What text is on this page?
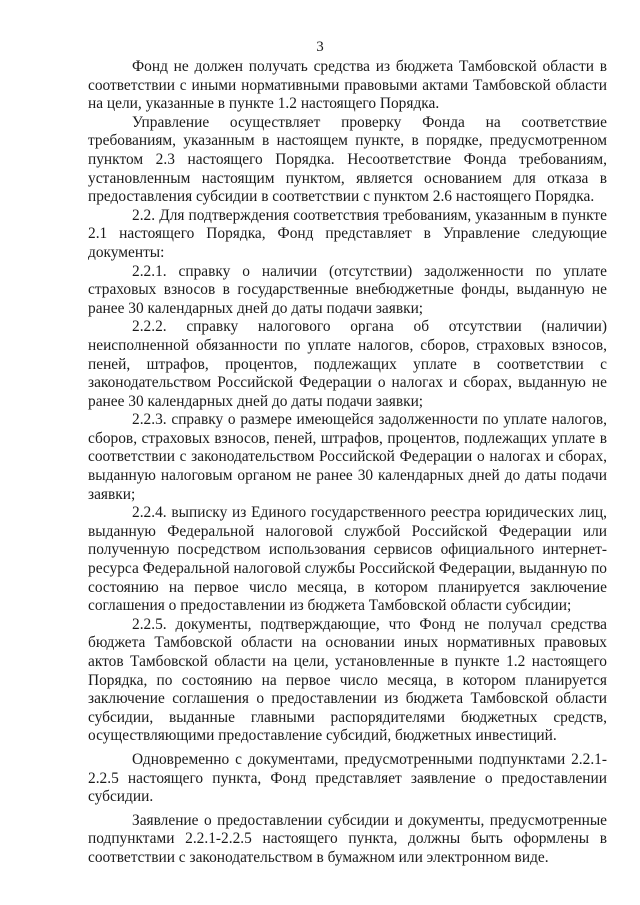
3

Фонд не должен получать средства из бюджета Тамбовской области в соответствии с иными нормативными правовыми актами Тамбовской области на цели, указанные в пункте 1.2 настоящего Порядка.

Управление осуществляет проверку Фонда на соответствие требованиям, указанным в настоящем пункте, в порядке, предусмотренном пунктом 2.3 настоящего Порядка. Несоответствие Фонда требованиям, установленным настоящим пунктом, является основанием для отказа в предоставления субсидии в соответствии с пунктом 2.6 настоящего Порядка.

2.2. Для подтверждения соответствия требованиям, указанным в пункте 2.1 настоящего Порядка, Фонд представляет в Управление следующие документы:

2.2.1. справку о наличии (отсутствии) задолженности по уплате страховых взносов в государственные внебюджетные фонды, выданную не ранее 30 календарных дней до даты подачи заявки;

2.2.2. справку налогового органа об отсутствии (наличии) неисполненной обязанности по уплате налогов, сборов, страховых взносов, пеней, штрафов, процентов, подлежащих уплате в соответствии с законодательством Российской Федерации о налогах и сборах, выданную не ранее 30 календарных дней до даты подачи заявки;

2.2.3. справку о размере имеющейся задолженности по уплате налогов, сборов, страховых взносов, пеней, штрафов, процентов, подлежащих уплате в соответствии с законодательством Российской Федерации о налогах и сборах, выданную налоговым органом не ранее 30 календарных дней до даты подачи заявки;

2.2.4. выписку из Единого государственного реестра юридических лиц, выданную Федеральной налоговой службой Российской Федерации или полученную посредством использования сервисов официального интернет-ресурса Федеральной налоговой службы Российской Федерации, выданную по состоянию на первое число месяца, в котором планируется заключение соглашения о предоставлении из бюджета Тамбовской области субсидии;

2.2.5. документы, подтверждающие, что Фонд не получал средства бюджета Тамбовской области на основании иных нормативных правовых актов Тамбовской области на цели, установленные в пункте 1.2 настоящего Порядка, по состоянию на первое число месяца, в котором планируется заключение соглашения о предоставлении из бюджета Тамбовской области субсидии, выданные главными распорядителями бюджетных средств, осуществляющими предоставление субсидий, бюджетных инвестиций.

Одновременно с документами, предусмотренными подпунктами 2.2.1-2.2.5 настоящего пункта, Фонд представляет заявление о предоставлении субсидии.

Заявление о предоставлении субсидии и документы, предусмотренные подпунктами 2.2.1-2.2.5 настоящего пункта, должны быть оформлены в соответствии с законодательством в бумажном или электронном виде.
